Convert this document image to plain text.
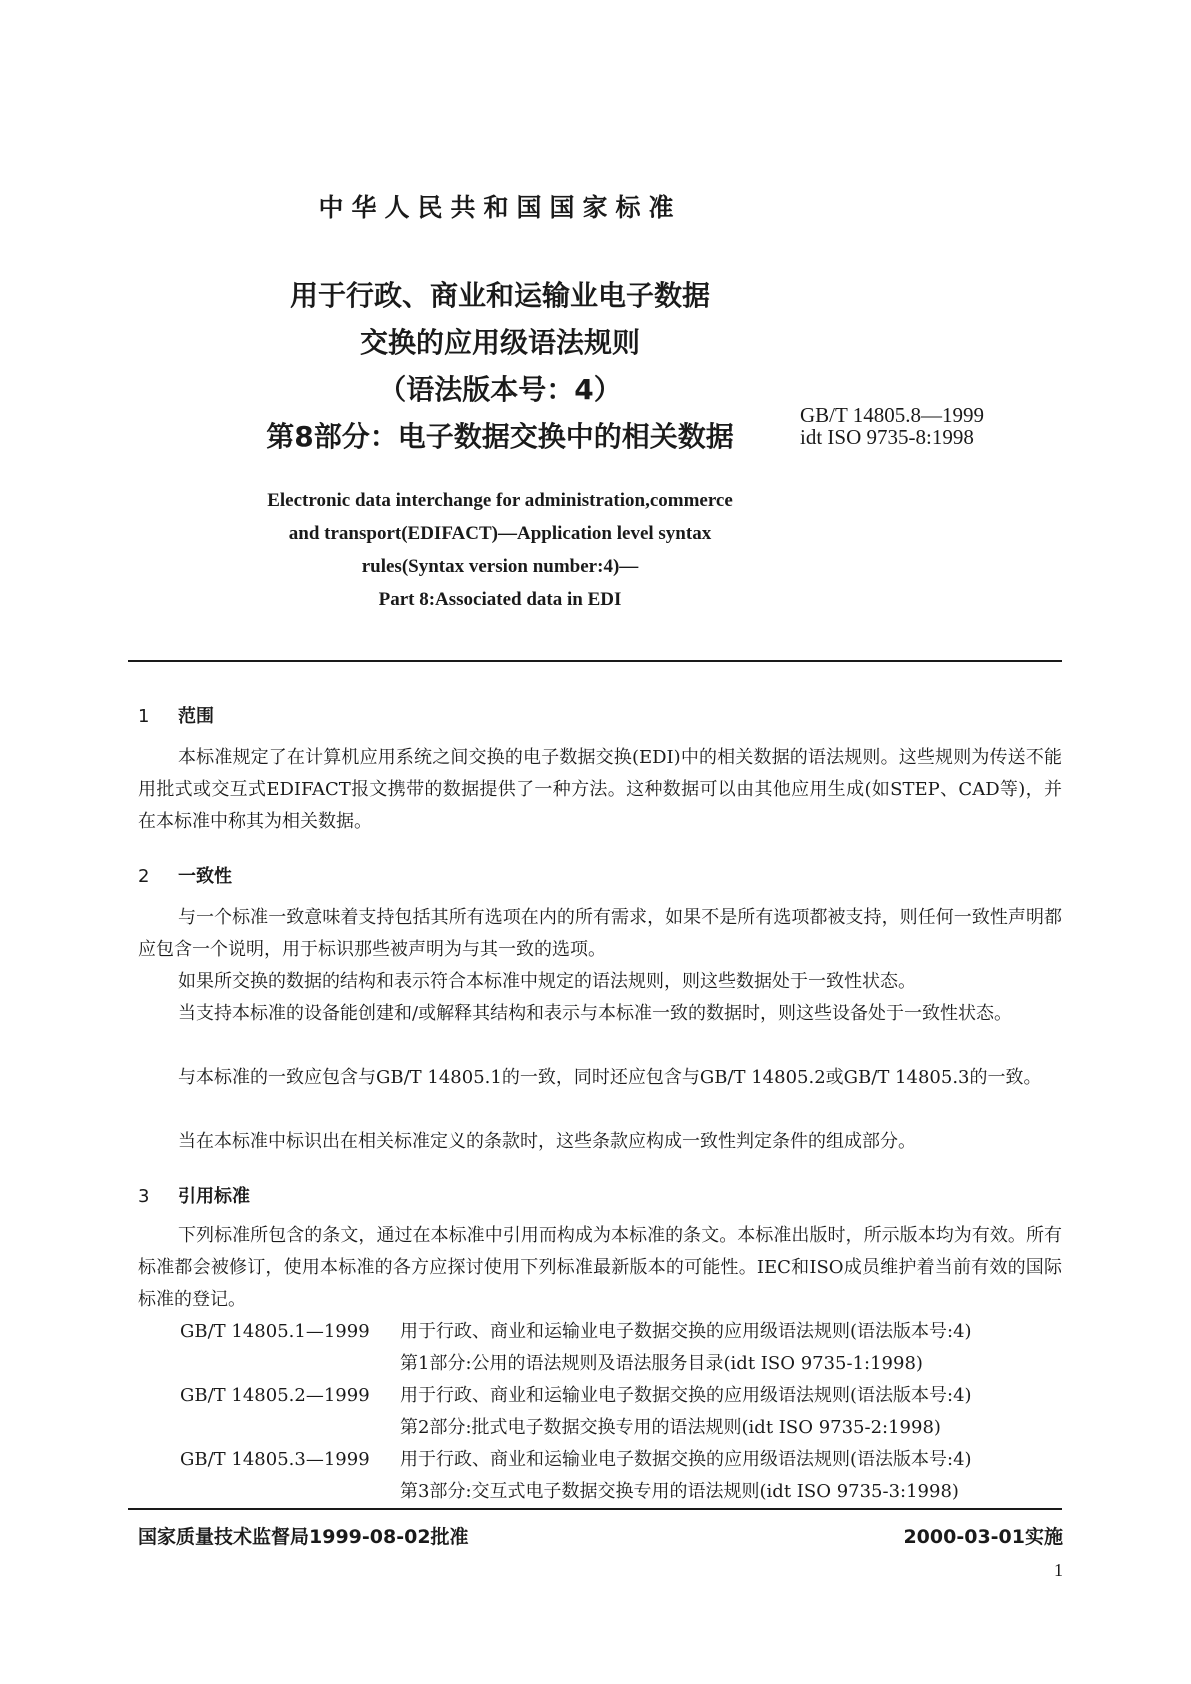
中华人民共和国国家标准
用于行政、商业和运输业电子数据
交换的应用级语法规则
（语法版本号：4）
第8部分：电子数据交换中的相关数据
GB/T 14805.8—1999
idt ISO 9735-8:1998
Electronic data interchange for administration,commerce
and transport(EDIFACT)—Application level syntax
rules(Syntax version number:4)—
Part 8:Associated data in EDI
1 范围
本标准规定了在计算机应用系统之间交换的电子数据交换(EDI)中的相关数据的语法规则。这些规则为传送不能用批式或交互式EDIFACT报文携带的数据提供了一种方法。这种数据可以由其他应用生成(如STEP、CAD等)，并在本标准中称其为相关数据。
2 一致性
与一个标准一致意味着支持包括其所有选项在内的所有需求，如果不是所有选项都被支持，则任何一致性声明都应包含一个说明，用于标识那些被声明为与其一致的选项。
如果所交换的数据的结构和表示符合本标准中规定的语法规则，则这些数据处于一致性状态。
当支持本标准的设备能创建和/或解释其结构和表示与本标准一致的数据时，则这些设备处于一致性状态。
与本标准的一致应包含与GB/T 14805.1的一致，同时还应包含与GB/T 14805.2或GB/T 14805.3的一致。
当在本标准中标识出在相关标准定义的条款时，这些条款应构成一致性判定条件的组成部分。
3 引用标准
下列标准所包含的条文，通过在本标准中引用而构成为本标准的条文。本标准出版时，所示版本均为有效。所有标准都会被修订，使用本标准的各方应探讨使用下列标准最新版本的可能性。IEC和ISO成员维护着当前有效的国际标准的登记。
GB/T 14805.1—1999 用于行政、商业和运输业电子数据交换的应用级语法规则(语法版本号:4)
第1部分:公用的语法规则及语法服务目录(idt ISO 9735-1:1998)
GB/T 14805.2—1999 用于行政、商业和运输业电子数据交换的应用级语法规则(语法版本号:4)
第2部分:批式电子数据交换专用的语法规则(idt ISO 9735-2:1998)
GB/T 14805.3—1999 用于行政、商业和运输业电子数据交换的应用级语法规则(语法版本号:4)
第3部分:交互式电子数据交换专用的语法规则(idt ISO 9735-3:1998)
国家质量技术监督局1999-08-02批准	2000-03-01实施
1
